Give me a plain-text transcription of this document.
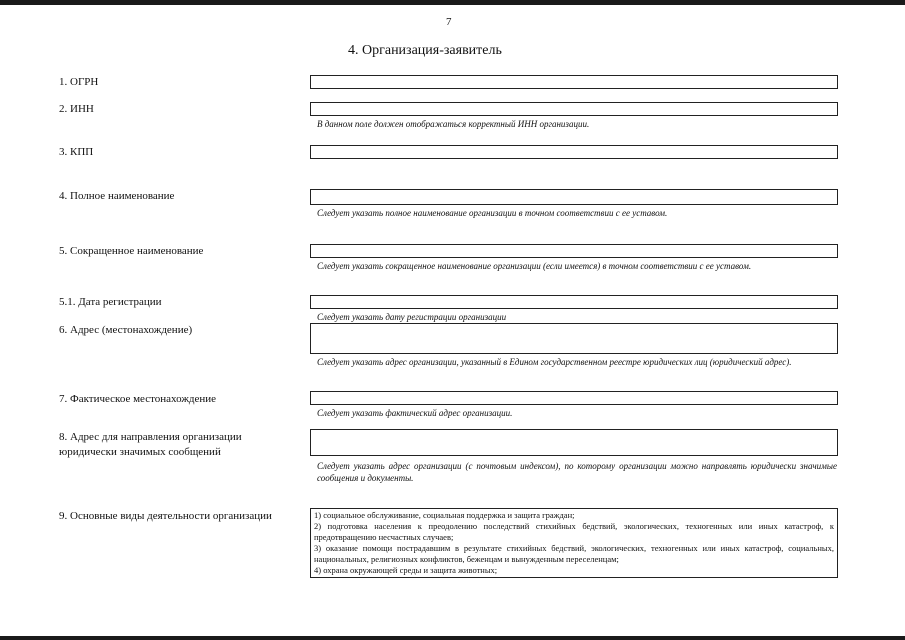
7
4. Организация-заявитель
1. ОГРН
2. ИНН
В данном поле должен отображаться корректный ИНН организации.
3. КПП
4. Полное наименование
Следует указать полное наименование организации в точном соответствии с ее уставом.
5. Сокращенное наименование
Следует указать сокращенное наименование организации (если имеется) в точном соответствии с ее уставом.
5.1. Дата регистрации
Следует указать дату регистрации организации
6. Адрес (местонахождение)
Следует указать адрес организации, указанный в Едином государственном реестре юридических лиц (юридический адрес).
7. Фактическое местонахождение
Следует указать фактический адрес организации.
8. Адрес для направления организации юридически значимых сообщений
Следует указать адрес организации (с почтовым индексом), по которому организации можно направлять юридически значимые сообщения и документы.
9. Основные виды деятельности организации	1) социальное обслуживание, социальная поддержка и защита граждан;
2) подготовка населения к преодолению последствий стихийных бедствий, экологических, техногенных или иных катастроф, к предотвращению несчастных случаев;
3) оказание помощи пострадавшим в результате стихийных бедствий, экологических, техногенных или иных катастроф, социальных, национальных, религиозных конфликтов, беженцам и вынужденным переселенцам;
4) охрана окружающей среды и защита животных;
